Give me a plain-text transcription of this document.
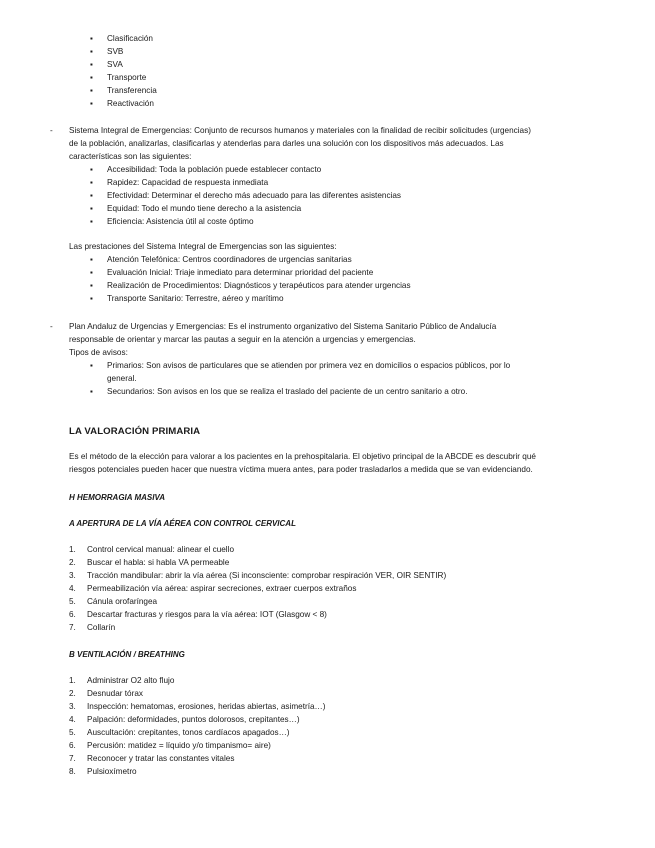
▪ Clasificación
▪ SVB
▪ SVA
▪ Transporte
▪ Transferencia
▪ Reactivación
- Sistema Integral de Emergencias: Conjunto de recursos humanos y materiales con la finalidad de recibir solicitudes (urgencias)
de la población, analizarlas, clasificarlas y atenderlas para darles una solución con los dispositivos más adecuados. Las
características son las siguientes:
▪ Accesibilidad: Toda la población puede establecer contacto
▪ Rapidez: Capacidad de respuesta inmediata
▪ Efectividad: Determinar el derecho más adecuado para las diferentes asistencias
▪ Equidad: Todo el mundo tiene derecho a la asistencia
▪ Eficiencia: Asistencia útil al coste óptimo
Las prestaciones del Sistema Integral de Emergencias son las siguientes:
▪ Atención Telefónica: Centros coordinadores de urgencias sanitarias
▪ Evaluación Inicial: Triaje inmediato para determinar prioridad del paciente
▪ Realización de Procedimientos: Diagnósticos y terapéuticos para atender urgencias
▪ Transporte Sanitario: Terrestre, aéreo y marítimo
- Plan Andaluz de Urgencias y Emergencias: Es el instrumento organizativo del Sistema Sanitario Público de Andalucía
responsable de orientar y marcar las pautas a seguir en la atención a urgencias y emergencias.
Tipos de avisos:
▪ Primarios: Son avisos de particulares que se atienden por primera vez en domicilios o espacios públicos, por lo
general.
▪ Secundarios: Son avisos en los que se realiza el traslado del paciente de un centro sanitario a otro.
LA VALORACIÓN PRIMARIA
Es el método de la elección para valorar a los pacientes en la prehospitalaria. El objetivo principal de la ABCDE es descubrir qué
riesgos potenciales pueden hacer que nuestra víctima muera antes, para poder trasladarlos a medida que se van evidenciando.
H HEMORRAGIA MASIVA
A APERTURA DE LA VÍA AÉREA CON CONTROL CERVICAL
1. Control cervical manual: alinear el cuello
2. Buscar el habla: si habla VA permeable
3. Tracción mandibular: abrir la vía aérea (Si inconsciente: comprobar respiración VER, OIR SENTIR)
4. Permeabilización vía aérea: aspirar secreciones, extraer cuerpos extraños
5. Cánula orofaríngea
6. Descartar fracturas y riesgos para la vía aérea: IOT (Glasgow < 8)
7. Collarín
B VENTILACIÓN / BREATHING
1. Administrar O2 alto flujo
2. Desnudar tórax
3. Inspección: hematomas, erosiones, heridas abiertas, asimetría…)
4. Palpación: deformidades, puntos dolorosos, crepitantes…)
5. Auscultación: crepitantes, tonos cardíacos apagados…)
6. Percusión: matidez = líquido y/o timpanismo= aire)
7. Reconocer y tratar las constantes vitales
8. Pulsioxímetro
